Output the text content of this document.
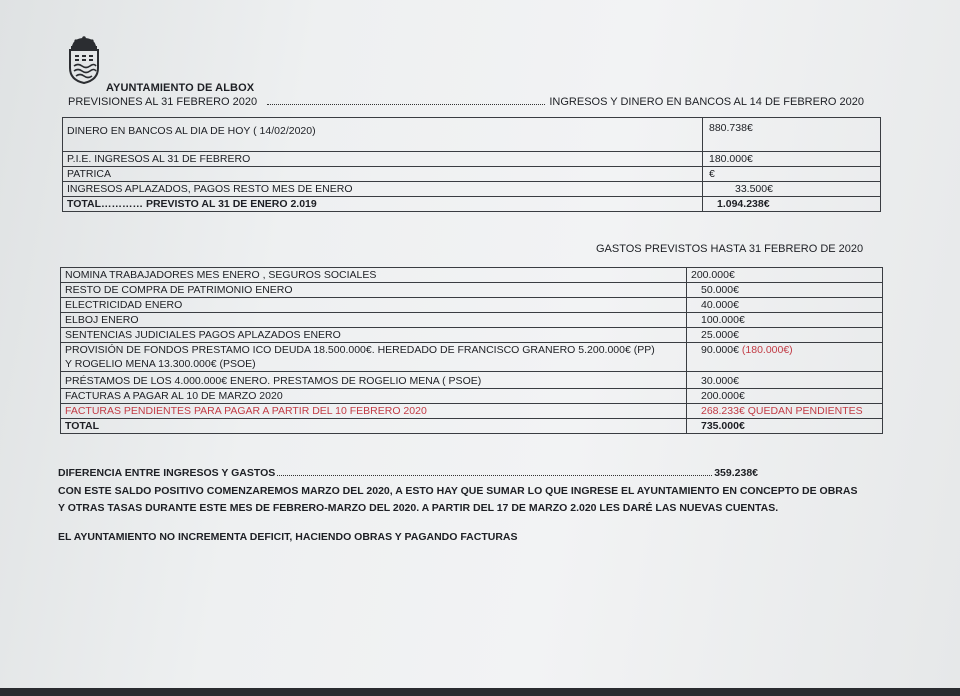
AYUNTAMIENTO DE ALBOX
PREVISIONES AL 31 FEBRERO 2020	INGRESOS Y DINERO EN BANCOS AL 14 DE FEBRERO 2020
DINERO EN BANCOS AL DIA DE HOY ( 14/02/2020)	880.738€
P.I.E. INGRESOS AL 31 DE FEBRERO	180.000€
PATRICA	€
INGRESOS APLAZADOS, PAGOS RESTO MES DE ENERO	33.500€
TOTAL………… PREVISTO AL 31 DE ENERO 2.019	1.094.238€
GASTOS PREVISTOS HASTA 31 FEBRERO DE 2020
NOMINA TRABAJADORES MES ENERO , SEGUROS SOCIALES	200.000€
RESTO DE COMPRA DE PATRIMONIO ENERO	50.000€
ELECTRICIDAD ENERO	40.000€
ELBOJ ENERO	100.000€
SENTENCIAS JUDICIALES PAGOS APLAZADOS ENERO	25.000€

PROVISIÓN DE FONDOS PRESTAMO ICO DEUDA 18.500.000€. HEREDADO DE FRANCISCO GRANERO 5.200.000€ (PP)
Y ROGELIO MENA 13.300.000€ (PSOE)	90.000€ (180.000€)
PRÉSTAMOS DE LOS 4.000.000€ ENERO. PRESTAMOS DE ROGELIO MENA ( PSOE)	30.000€
FACTURAS A PAGAR AL 10 DE MARZO 2020	200.000€
FACTURAS PENDIENTES PARA PAGAR A PARTIR DEL 10 FEBRERO 2020	268.233€ QUEDAN PENDIENTES
TOTAL	735.000€
DIFERENCIA ENTRE INGRESOS Y GASTOS	359.238€
CON ESTE SALDO POSITIVO COMENZAREMOS MARZO DEL 2020, A ESTO HAY QUE SUMAR LO QUE INGRESE EL AYUNTAMIENTO EN CONCEPTO DE OBRAS
Y OTRAS TASAS DURANTE ESTE MES DE FEBRERO-MARZO DEL 2020. A PARTIR DEL 17 DE MARZO 2.020 LES DARÉ LAS NUEVAS CUENTAS.
EL AYUNTAMIENTO NO INCREMENTA DEFICIT, HACIENDO OBRAS Y PAGANDO FACTURAS
